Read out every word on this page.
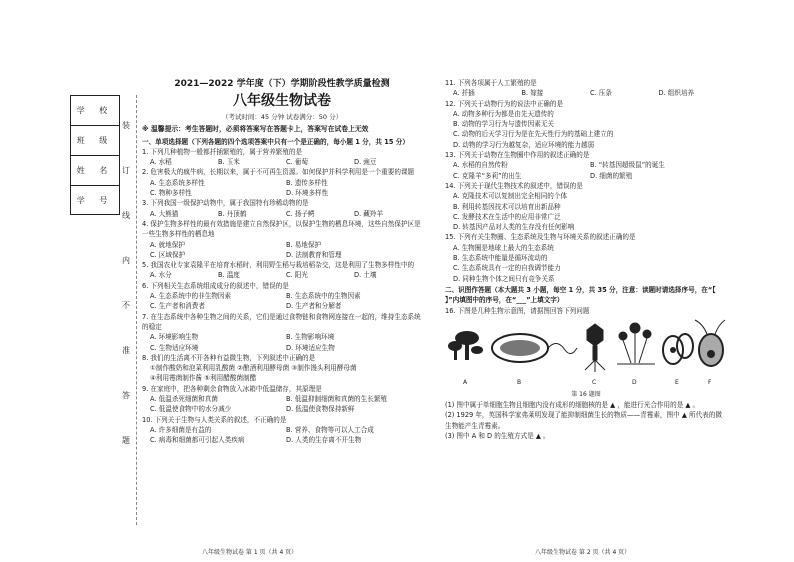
学 校
班 级
姓 名
学 号
装
订
线
内
不
准
答
题
2021—2022 学年度（下）学期阶段性教学质量检测
八年级生物试卷
（考试时间：45 分钟 试卷满分：50 分）
※ 温馨提示：考生答题时，必须将答案写在答题卡上，答案写在试卷上无效
一、单项选择题（下列各题的四个选项答案中只有一个是正确的，每小题 1 分，共 15 分）
1. 下列几种植物一般都扦插繁殖的，属于营养繁殖的是
A. 水稻	B. 玉米	C. 葡萄	D. 豌豆
2. 危害极大的疯牛病，长期以来，属于不可再生资源。如何保护并科学利用是一个重要的课题
A. 生态系统多样性	B. 遗传多样性
C. 物种多样性	D. 环境多样性
3. 下列我国一级保护动物中，属于我国特有珍稀动物的是
A. 大熊猫	B. 丹顶鹤	C. 扬子鳄	D. 藏羚羊
4. 保护生物多样性的最有效措施是建立自然保护区，以保护生物的栖息环境，这些自然保护区是一些生物多样性的栖息地
A. 就地保护	B. 易地保护
C. 区域保护	D. 法制教育和管理
5. 我国农业专家袁隆平在培育水稻时，利用野生稻与栽培稻杂交，这是利用了生物多样性中的
A. 水分	B. 温度	C. 阳光	D. 土壤
6. 下列相关生态系统组成成分的叙述中，错误的是
A. 生态系统中的非生物因素	B. 生态系统中的生物因素
C. 生产者和消费者	D. 生产者和分解者
7. 在生态系统中各种生物之间的关系，它们是通过食物链和食物网连接在一起的，维持生态系统的稳定
A. 环境影响生物	B. 生物影响环境
C. 生物适应环境	D. 环境适应生物
8. 我们的生活离不开各种有益微生物，下列叙述中正确的是
①制作酸奶和泡菜利用乳酸菌 ②酿酒利用酵母菌 ③制作馒头利用酵母菌
④利用霉菌制作酱 ⑤利用醋酸菌制醋
9. 在家庭中，把各种剩余食物放入冰箱中低温储存，其原理是
A. 低温杀死细菌和真菌	B. 低温抑制细菌和真菌的生长繁殖
C. 低温使食物中的水分减少	D. 低温使食物保持新鲜
10. 下列关于生物与人类关系的叙述，不正确的是
A. 许多细菌是有益的	B. 营养、食物等可以人工合成
C. 病毒和细菌都可引起人类疾病	D. 人类的生存离不开生物
八年级生物试卷 第 1 页（共 4 页）
11. 下列各项属于人工繁殖的是
A. 扦插	B. 嫁接	C. 压条	D. 组织培养
12. 下列关于动物行为的说法中正确的是
A. 动物多种行为都是由先天遗传的
B. 动物的学习行为与遗传因素无关
C. 动物的后天学习行为是在先天性行为的基础上建立的
D. 动物的学习行为越复杂，适应环境的能力越弱
13. 下列关于动物在生物圈中作用的叙述正确的是
A. 水稻的自然传粉	B. “转基因超级鼠”的诞生
C. 克隆羊“多莉”的出生	D. 细菌的繁殖
14. 下列关于现代生物技术的叙述中，错误的是
A. 克隆技术可以复制出完全相同的个体
B. 利用转基因技术可以培育出新品种
C. 发酵技术在生活中的应用非常广泛
D. 转基因产品对人类的生存没有任何影响
15. 下列有关生物圈、生态系统及生物与环境关系的叙述正确的是
A. 生物圈是地球上最大的生态系统
B. 生态系统中能量是循环流动的
C. 生态系统具有一定的自我调节能力
D. 同种生物个体之间只有竞争关系
二、识图作答题（本大题共 3 小题，每空 1 分，共 35 分，注意：读题时请选择序号，在“【 】”内填图中的序号，在“___”上填文字）
16. 下图是几种生物示意图，请据图回答下列问题
A	B	C	D	E	F
第 16 题图
(1) 图中属于单细胞生物且细胞内没有成形的细胞核的是 ▲ ，能进行光合作用的是 ▲ 。
(2) 1929 年，英国科学家弗莱明发现了能抑制细菌生长的物质——青霉素，图中 ▲ 所代表的微生物能产生青霉素。
(3) 图中 A 和 D 的生殖方式是 ▲ 。
八年级生物试卷 第 2 页（共 4 页）
